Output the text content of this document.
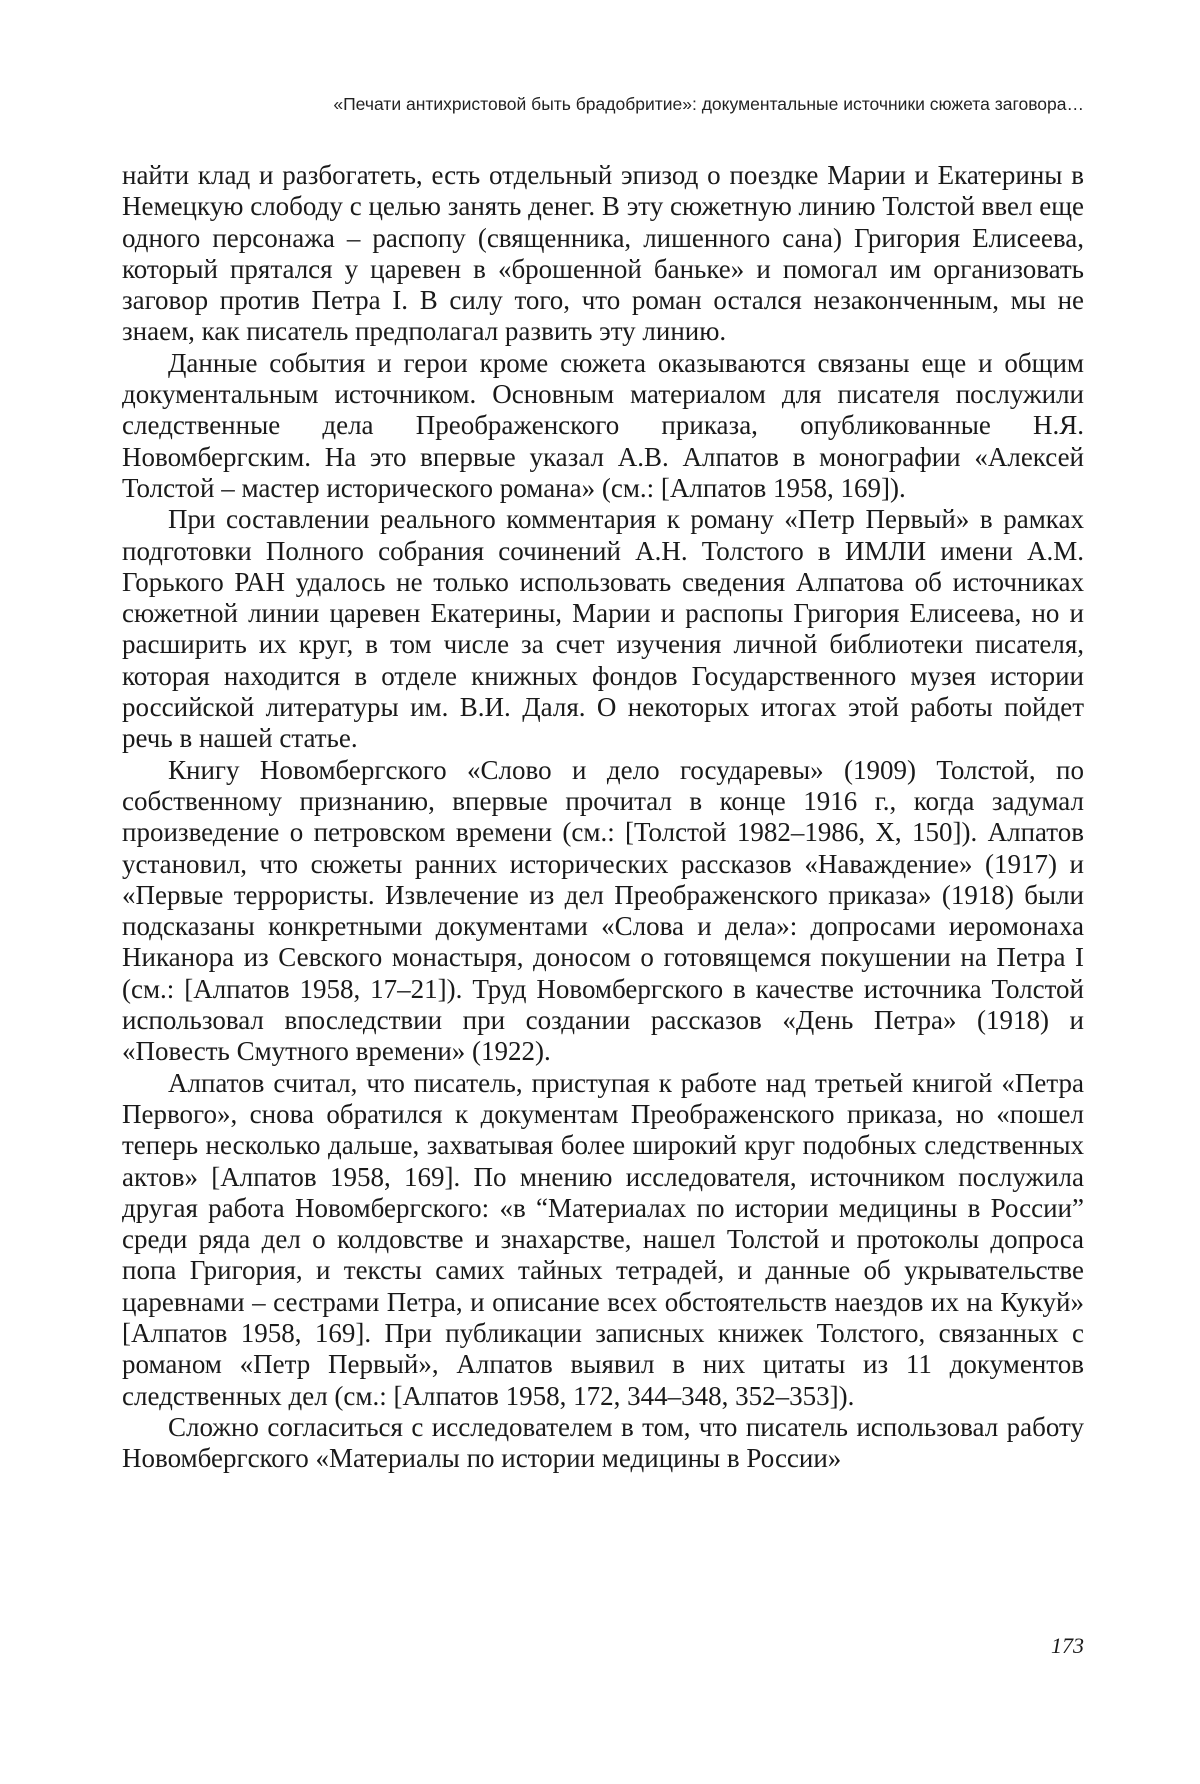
«Печати антихристовой быть брадобритие»: документальные источники сюжета заговора…

найти клад и разбогатеть, есть отдельный эпизод о поездке Марии и Екатерины в Немецкую слободу с целью занять денег. В эту сюжетную линию Толстой ввел еще одного персонажа – распопу (священника, лишенного сана) Григория Елисеева, который прятался у царевен в «брошенной баньке» и помогал им организовать заговор против Петра I. В силу того, что роман остался незаконченным, мы не знаем, как писатель предполагал развить эту линию.

Данные события и герои кроме сюжета оказываются связаны еще и общим документальным источником. Основным материалом для писателя послужили следственные дела Преображенского приказа, опубликованные Н.Я. Новомбергским. На это впервые указал А.В. Алпатов в монографии «Алексей Толстой – мастер исторического романа» (см.: [Алпатов 1958, 169]).

При составлении реального комментария к роману «Петр Первый» в рамках подготовки Полного собрания сочинений А.Н. Толстого в ИМЛИ имени А.М. Горького РАН удалось не только использовать сведения Алпатова об источниках сюжетной линии царевен Екатерины, Марии и распопы Григория Елисеева, но и расширить их круг, в том числе за счет изучения личной библиотеки писателя, которая находится в отделе книжных фондов Государственного музея истории российской литературы им. В.И. Даля. О некоторых итогах этой работы пойдет речь в нашей статье.

Книгу Новомбергского «Слово и дело государевы» (1909) Толстой, по собственному признанию, впервые прочитал в конце 1916 г., когда задумал произведение о петровском времени (см.: [Толстой 1982–1986, X, 150]). Алпатов установил, что сюжеты ранних исторических рассказов «Наваждение» (1917) и «Первые террористы. Извлечение из дел Преображенского приказа» (1918) были подсказаны конкретными документами «Слова и дела»: допросами иеромонаха Никанора из Севского монастыря, доносом о готовящемся покушении на Петра I (см.: [Алпатов 1958, 17–21]). Труд Новомбергского в качестве источника Толстой использовал впоследствии при создании рассказов «День Петра» (1918) и «Повесть Смутного времени» (1922).

Алпатов считал, что писатель, приступая к работе над третьей книгой «Петра Первого», снова обратился к документам Преображенского приказа, но «пошел теперь несколько дальше, захватывая более широкий круг подобных следственных актов» [Алпатов 1958, 169]. По мнению исследователя, источником послужила другая работа Новомбергского: «в “Материалах по истории медицины в России” среди ряда дел о колдовстве и знахарстве, нашел Толстой и протоколы допроса попа Григория, и тексты самих тайных тетрадей, и данные об укрывательстве царевнами – сестрами Петра, и описание всех обстоятельств наездов их на Кукуй» [Алпатов 1958, 169]. При публикации записных книжек Толстого, связанных с романом «Петр Первый», Алпатов выявил в них цитаты из 11 документов следственных дел (см.: [Алпатов 1958, 172, 344–348, 352–353]).

Сложно согласиться с исследователем в том, что писатель использовал работу Новомбергского «Материалы по истории медицины в России»

173
